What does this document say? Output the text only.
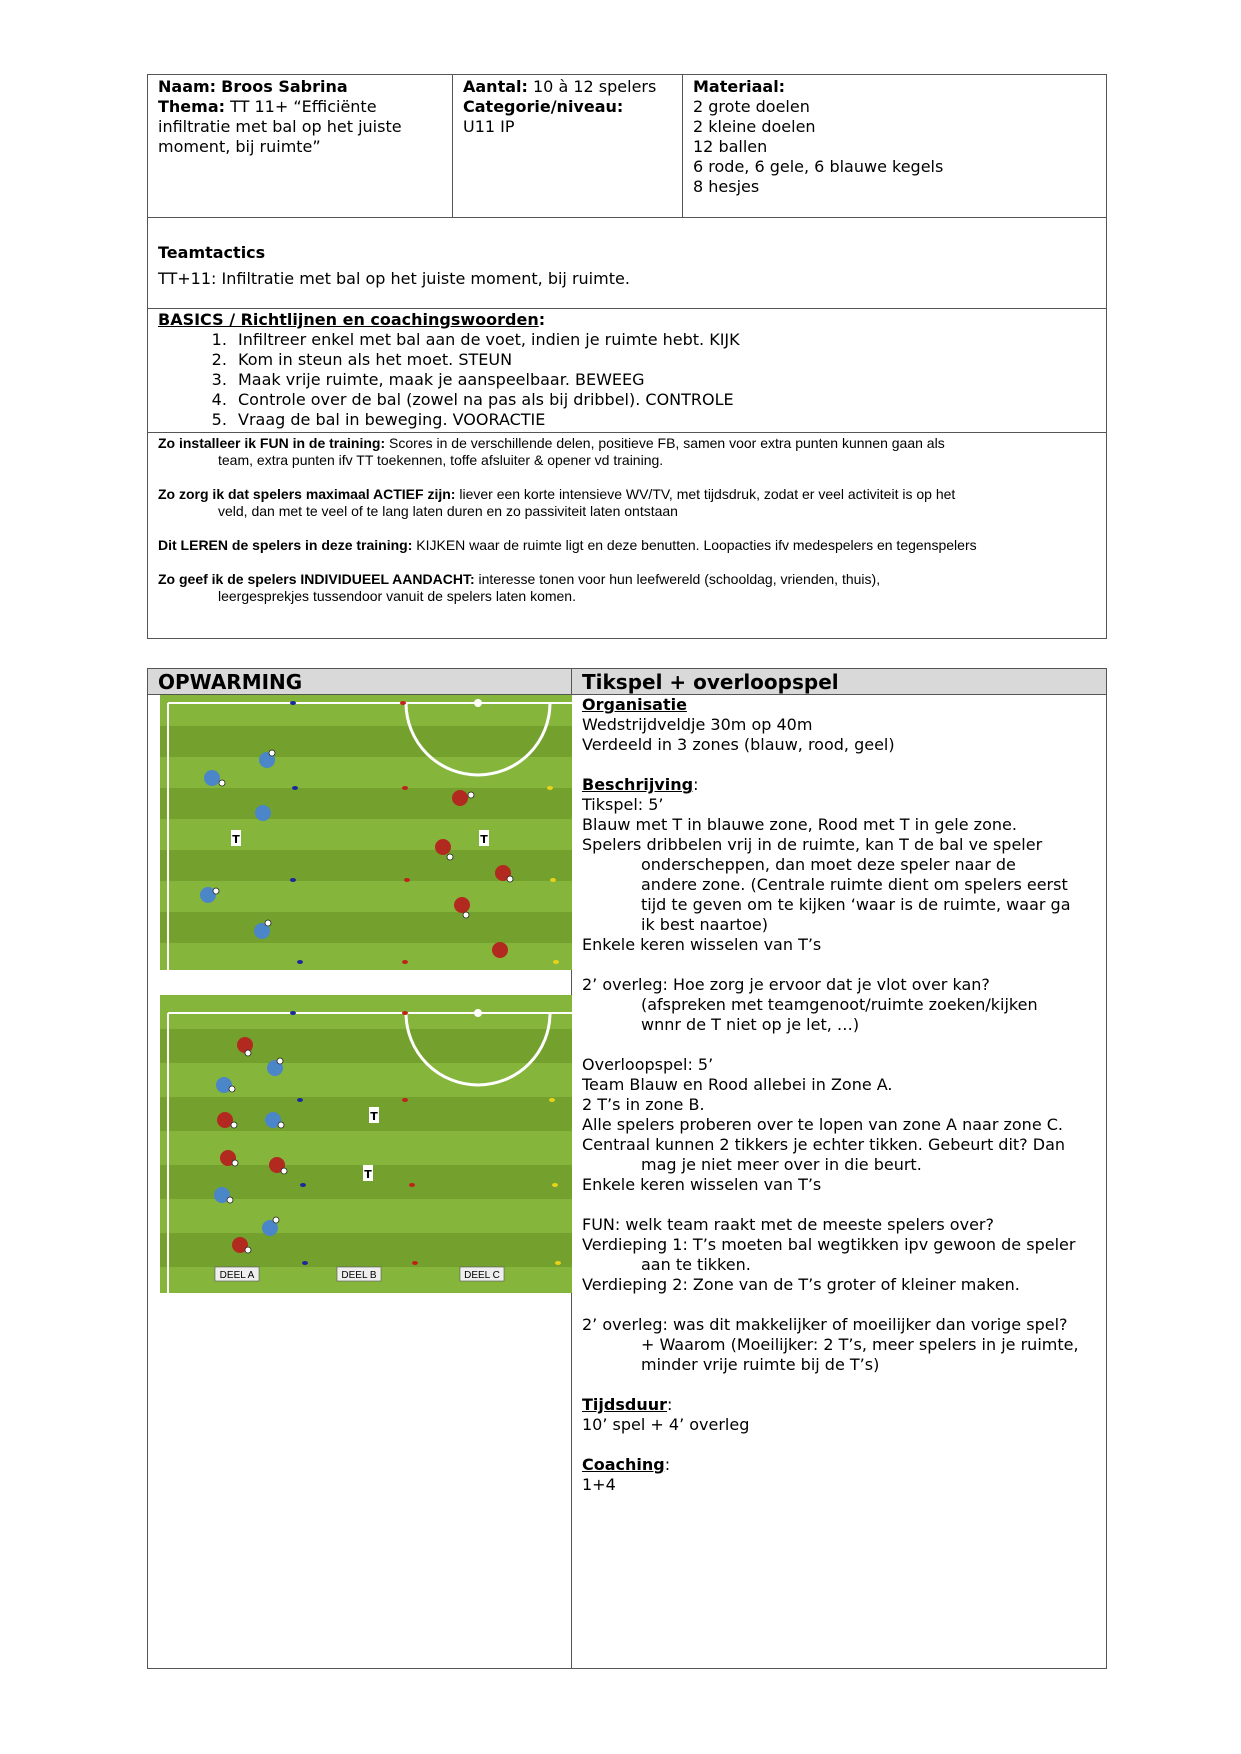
Naam: Broos Sabrina
Thema: TT 11+ “Efficiënte infiltratie met bal op het juiste moment, bij ruimte”
Aantal: 10 à 12 spelers
Categorie/niveau:
U11 IP
Materiaal:
2 grote doelen
2 kleine doelen
12 ballen
6 rode, 6 gele, 6 blauwe kegels
8 hesjes
Teamtactics
TT+11: Infiltratie met bal op het juiste moment, bij ruimte.
BASICS / Richtlijnen en coachingswoorden:
1. Infiltreer enkel met bal aan de voet, indien je ruimte hebt. KIJK
2. Kom in steun als het moet. STEUN
3. Maak vrije ruimte, maak je aanspeelbaar. BEWEEG
4. Controle over de bal (zowel na pas als bij dribbel). CONTROLE
5. Vraag de bal in beweging. VOORACTIE

Zo installeer ik FUN in de training: Scores in de verschillende delen, positieve FB, samen voor extra punten kunnen gaan als
team, extra punten ifv TT toekennen, toffe afsluiter & opener vd training.

Zo zorg ik dat spelers maximaal ACTIEF zijn: liever een korte intensieve WV/TV, met tijdsdruk, zodat er veel activiteit is op het
veld, dan met te veel of te lang laten duren en zo passiviteit laten ontstaan

Dit LEREN de spelers in deze training: KIJKEN waar de ruimte ligt en deze benutten. Loopacties ifv medespelers en tegenspelers

Zo geef ik de spelers INDIVIDUEEL AANDACHT: interesse tonen voor hun leefwereld (schooldag, vrienden, thuis),
leergesprekjes tussendoor vanuit de spelers laten komen.

OPWARMING	Tikspel + overloopspel
T	T
T
T
DEEL A	DEEL B	DEEL C
Organisatie
Wedstrijdveldje 30m op 40m
Verdeeld in 3 zones (blauw, rood, geel)
Beschrijving:
Tikspel: 5’
Blauw met T in blauwe zone, Rood met T in gele zone.
Spelers dribbelen vrij in de ruimte, kan T de bal ve speler
onderscheppen, dan moet deze speler naar de
andere zone. (Centrale ruimte dient om spelers eerst
tijd te geven om te kijken ‘waar is de ruimte, waar ga
ik best naartoe)
Enkele keren wisselen van T’s
2’ overleg: Hoe zorg je ervoor dat je vlot over kan?
(afspreken met teamgenoot/ruimte zoeken/kijken
wnnr de T niet op je let, …)
Overloopspel: 5’
Team Blauw en Rood allebei in Zone A.
2 T’s in zone B.
Alle spelers proberen over te lopen van zone A naar zone C.
Centraal kunnen 2 tikkers je echter tikken. Gebeurt dit? Dan
mag je niet meer over in die beurt.
Enkele keren wisselen van T’s
FUN: welk team raakt met de meeste spelers over?
Verdieping 1: T’s moeten bal wegtikken ipv gewoon de speler
aan te tikken.
Verdieping 2: Zone van de T’s groter of kleiner maken.
2’ overleg: was dit makkelijker of moeilijker dan vorige spel?
+ Waarom (Moeilijker: 2 T’s, meer spelers in je ruimte,
minder vrije ruimte bij de T’s)
Tijdsduur:
10’ spel + 4’ overleg
Coaching:
1+4
